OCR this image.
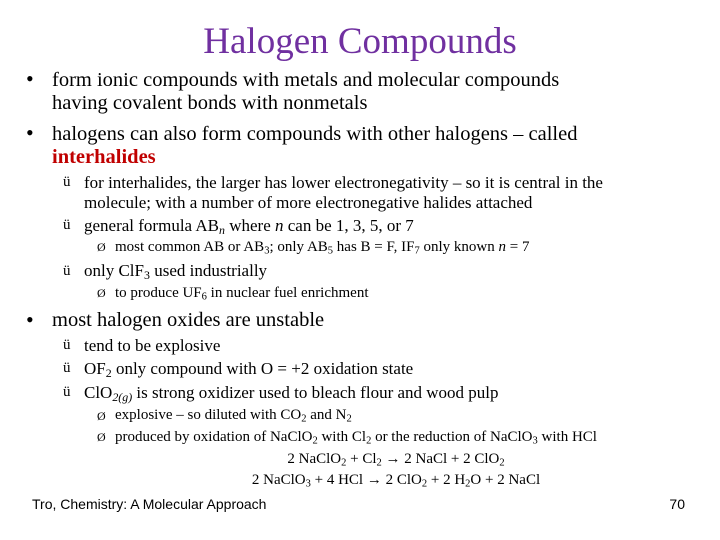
Halogen Compounds
• form ionic compounds with metals and molecular compounds
having covalent bonds with nonmetals
• halogens can also form compounds with other halogens – called
interhalides
ü for interhalides, the larger has lower electronegativity – so it is central in the
molecule; with a number of more electronegative halides attached
ü general formula $AB_n$ where n can be 1, 3, 5, or 7
Ø most common AB or $AB_3$; only $AB_5$ has B = F, $IF_7$ only known n = 7
ü only ClF$_3$ used industrially
Ø to produce $UF_6$ in nuclear fuel enrichment
• most halogen oxides are unstable
ü tend to be explosive
ü $OF_2$ only compound with O = +2 oxidation state
ü ClO$_{2(g)}$ is strong oxidizer used to bleach flour and wood pulp
Ø explosive – so diluted with $CO_2$ and $N_2$
Ø produced by oxidation of NaClO$_2$ with $Cl_2$ or the reduction of NaClO$_3$ with HCl
2 NaClO$_2$ + $Cl_2 \to 2$ NaCl + 2 ClO$_2$
2 NaClO$_3$ + 4 HCl → 2 ClO$_2$ + 2 $H_2O + 2$ NaCl
Tro, Chemistry: A Molecular Approach	70
